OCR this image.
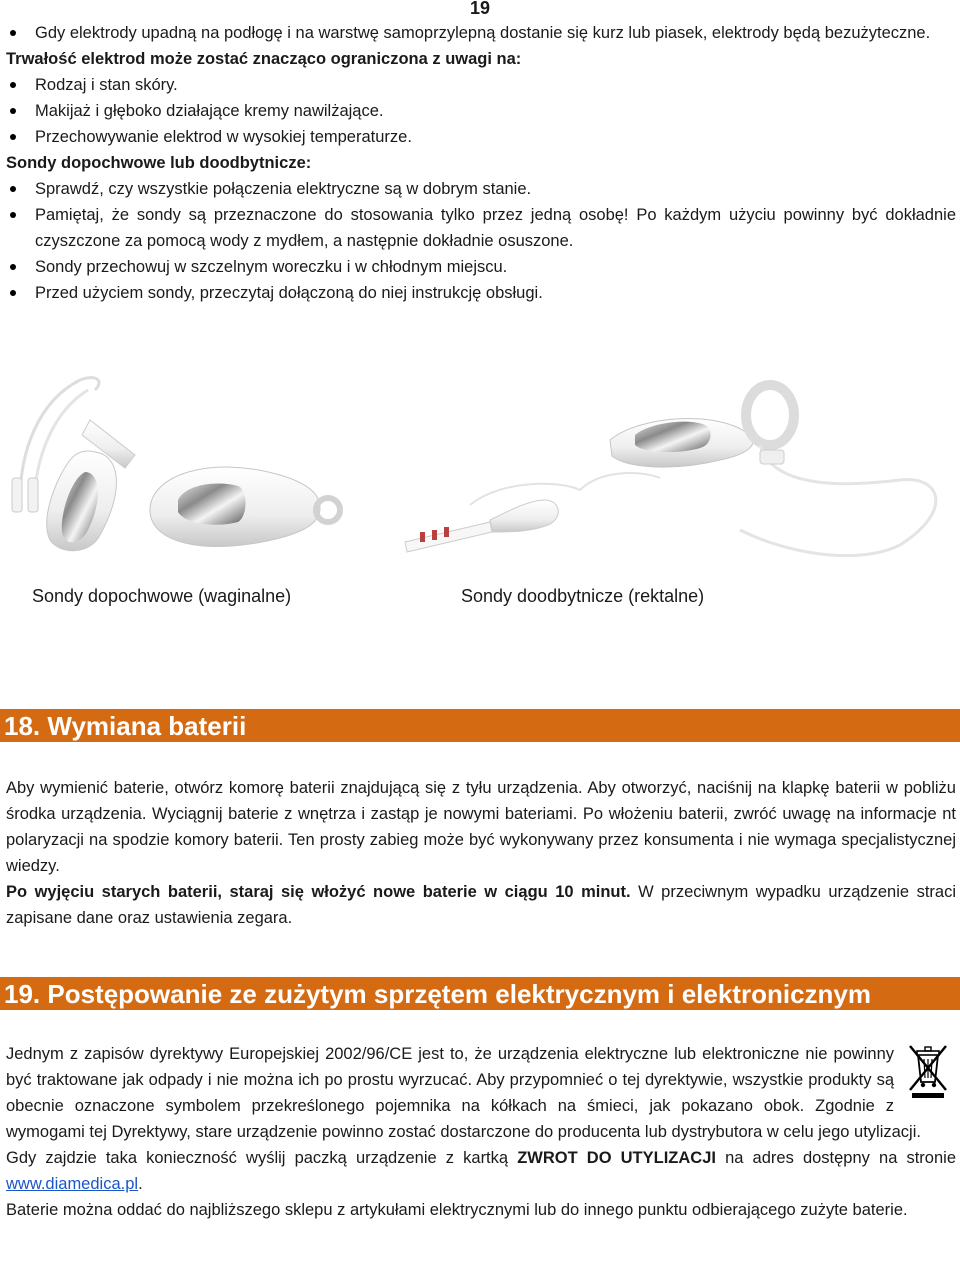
19
Gdy elektrody upadną na podłogę i na warstwę samoprzylepną dostanie się kurz lub piasek, elektrody będą bezużyteczne.
Trwałość elektrod może zostać znacząco ograniczona z uwagi na:
Rodzaj i stan skóry.
Makijaż i głęboko działające kremy nawilżające.
Przechowywanie elektrod w wysokiej temperaturze.
Sondy dopochwowe lub doodbytnicze:
Sprawdź, czy wszystkie połączenia elektryczne są w dobrym stanie.
Pamiętaj, że sondy są przeznaczone do stosowania tylko przez jedną osobę! Po każdym użyciu powinny być dokładnie czyszczone za pomocą wody z mydłem, a następnie dokładnie osuszone.
Sondy przechowuj w szczelnym woreczku i w chłodnym miejscu.
Przed użyciem sondy, przeczytaj dołączoną do niej instrukcję obsługi.
Sondy dopochwowe (waginalne)	Sondy doodbytnicze (rektalne)
18. Wymiana baterii
Aby wymienić baterie, otwórz komorę baterii znajdującą się z tyłu urządzenia. Aby otworzyć, naciśnij na klapkę baterii w pobliżu środka urządzenia. Wyciągnij baterie z wnętrza i zastąp je nowymi bateriami. Po włożeniu baterii, zwróć uwagę na informacje nt polaryzacji na spodzie komory baterii. Ten prosty zabieg może być wykonywany przez konsumenta i nie wymaga specjalistycznej wiedzy.
Po wyjęciu starych baterii, staraj się włożyć nowe baterie w ciągu 10 minut. W przeciwnym wypadku urządzenie straci zapisane dane oraz ustawienia zegara.
19. Postępowanie ze zużytym sprzętem elektrycznym i elektronicznym
Jednym z zapisów dyrektywy Europejskiej 2002/96/CE jest to, że urządzenia elektryczne lub elektroniczne nie powinny być traktowane jak odpady i nie można ich po prostu wyrzucać. Aby przypomnieć o tej dyrektywie, wszystkie produkty są obecnie oznaczone symbolem przekreślonego pojemnika na kółkach na śmieci, jak pokazano obok. Zgodnie z wymogami tej Dyrektywy, stare urządzenie powinno zostać dostarczone do producenta lub dystrybutora w celu jego utylizacji.
Gdy zajdzie taka konieczność wyślij paczką urządzenie z kartką ZWROT DO UTYLIZACJI na adres dostępny na stronie www.diamedica.pl.
Baterie można oddać do najbliższego sklepu z artykułami elektrycznymi lub do innego punktu odbierającego zużyte baterie.
